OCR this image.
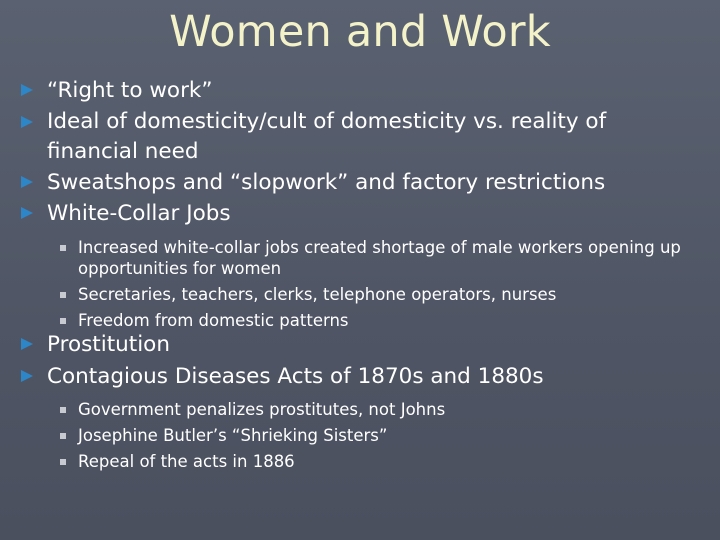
Women and Work
“Right to work”
Ideal of domesticity/cult of domesticity vs. reality of financial need
Sweatshops and “slopwork” and factory restrictions
White-Collar Jobs
Increased white-collar jobs created shortage of male workers opening up opportunities for women
Secretaries, teachers, clerks, telephone operators, nurses
Freedom from domestic patterns
Prostitution
Contagious Diseases Acts of 1870s and 1880s
Government penalizes prostitutes, not Johns
Josephine Butler’s “Shrieking Sisters”
Repeal of the acts in 1886
